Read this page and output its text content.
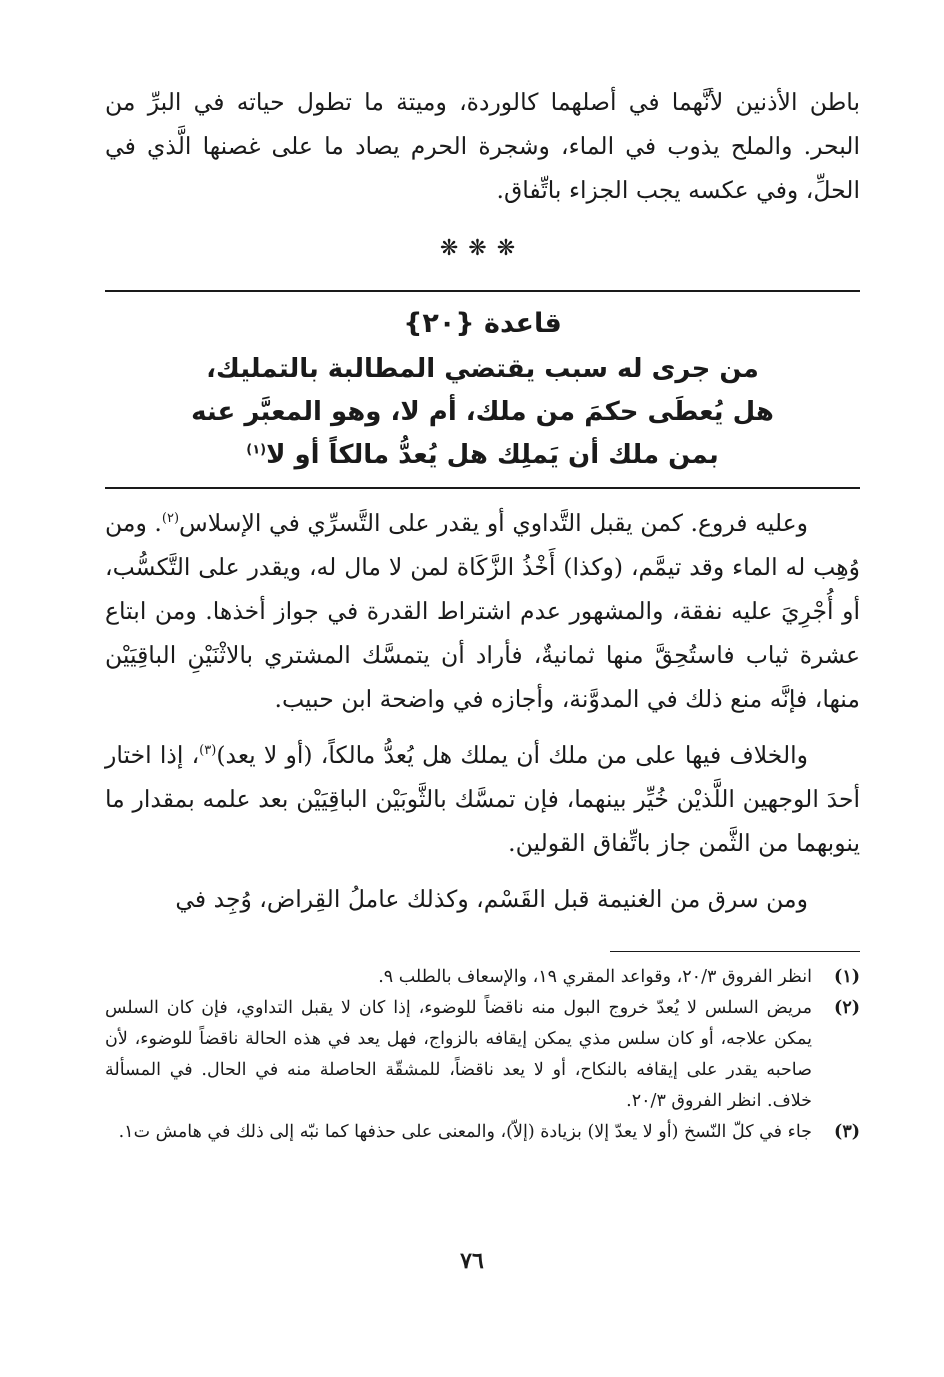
باطن الأذنين لأنَّهما في أصلهما كالوردة، وميتة ما تطول حياته في البرِّ من البحر. والملح يذوب في الماء، وشجرة الحرم يصاد ما على غصنها الَّذي في الحلِّ، وفي عكسه يجب الجزاء باتِّفاق.

❋❋❋
قاعدة {٢٠}
من جرى له سبب يقتضي المطالبة بالتمليك،
هل يُعطَى حكمَ من ملك، أم لا، وهو المعبَّر عنه
بمن ملك أن يَملِك هل يُعدُّ مالكاً أو لا$^{(١)}$

وعليه فروع. كمن يقبل التَّداوي أو يقدر على التَّسرِّي في الإسلاس$^{(٢)}$. ومن وُهِب له الماء وقد تيمَّم، (وكذا) أَخْذُ الزَّكَاة لمن لا مال له، ويقدر على التَّكسُّب، أو أُجْرِيَ عليه نفقة، والمشهور عدم اشتراط القدرة في جواز أخذها. ومن ابتاع عشرة ثياب فاستُحِقَّ منها ثمانيةٌ، فأراد أن يتمسَّك المشتري بالاثْنَيْنِ الباقِيَيْن منها، فإنَّه منع ذلك في المدوَّنة، وأجازه في واضحة ابن حبيب.

والخلاف فيها على من ملك أن يملك هل يُعدُّ مالكاً، (أو لا يعد)$^{(٣)}$، إذا اختار أحدَ الوجهين اللَّذيْن خُيِّر بينهما، فإن تمسَّك بالثَّوبَيْن الباقِيَيْن بعد علمه بمقدار ما ينوبهما من الثَّمن جاز باتِّفاق القولين.

ومن سرق من الغنيمة قبل القَسْم، وكذلك عاملُ القِراض، وُجِد في

(١)
انظر الفروق ٢٠/٣، وقواعد المقري ١٩، والإسعاف بالطلب ٩.
(٢)
مريض السلس لا يُعدّ خروج البول منه ناقضاً للوضوء، إذا كان لا يقبل التداوي، فإن كان السلس يمكن علاجه، أو كان سلس مذي يمكن إيقافه بالزواج، فهل يعد في هذه الحالة ناقضاً للوضوء، لأن صاحبه يقدر على إيقافه بالنكاح، أو لا يعد ناقضاً، للمشقّة الحاصلة منه في الحال. في المسألة خلاف. انظر الفروق ٢٠/٣.
(٣)
جاء في كلّ النّسخ (أو لا يعدّ إلا) بزيادة (إلاّ)، والمعنى على حذفها كما نبّه إلى ذلك في هامش ت١.
٧٦
